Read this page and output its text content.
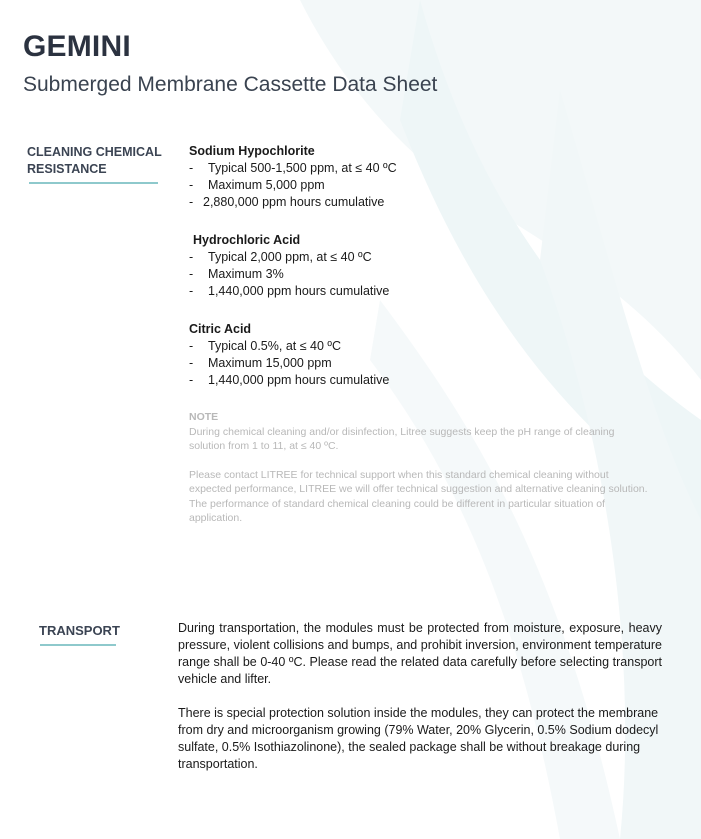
GEMINI
Submerged Membrane Cassette Data Sheet
CLEANING CHEMICAL
RESISTANCE
Sodium Hypochlorite
-	Typical 500-1,500 ppm, at ≤ 40 ºC
-	Maximum 5,000 ppm
- 2,880,000 ppm hours cumulative
Hydrochloric Acid
-	Typical 2,000 ppm, at ≤ 40 ºC
-	Maximum 3%
-	1,440,000 ppm hours cumulative
Citric Acid
-	Typical 0.5%, at ≤ 40 ºC
-	Maximum 15,000 ppm
-	1,440,000 ppm hours cumulative
NOTE

During chemical cleaning and/or disinfection, Litree suggests keep the pH range of cleaning solution from 1 to 11, at ≤ 40 ºC.

Please contact LITREE for technical support when this standard chemical cleaning without expected performance, LITREE we will offer technical suggestion and alternative cleaning solution. The performance of standard chemical cleaning could be different in particular situation of application.

TRANSPORT	During transportation, the modules must be protected from moisture, exposure, heavy pressure, violent collisions and bumps, and prohibit inversion, environment temperature range shall be 0-40 ºC. Please read the related data carefully before selecting transport vehicle and lifter.

There is special protection solution inside the modules, they can protect the membrane from dry and microorganism growing (79% Water, 20% Glycerin, 0.5% Sodium dodecyl sulfate, 0.5% Isothiazolinone), the sealed package shall be without breakage during transportation.
